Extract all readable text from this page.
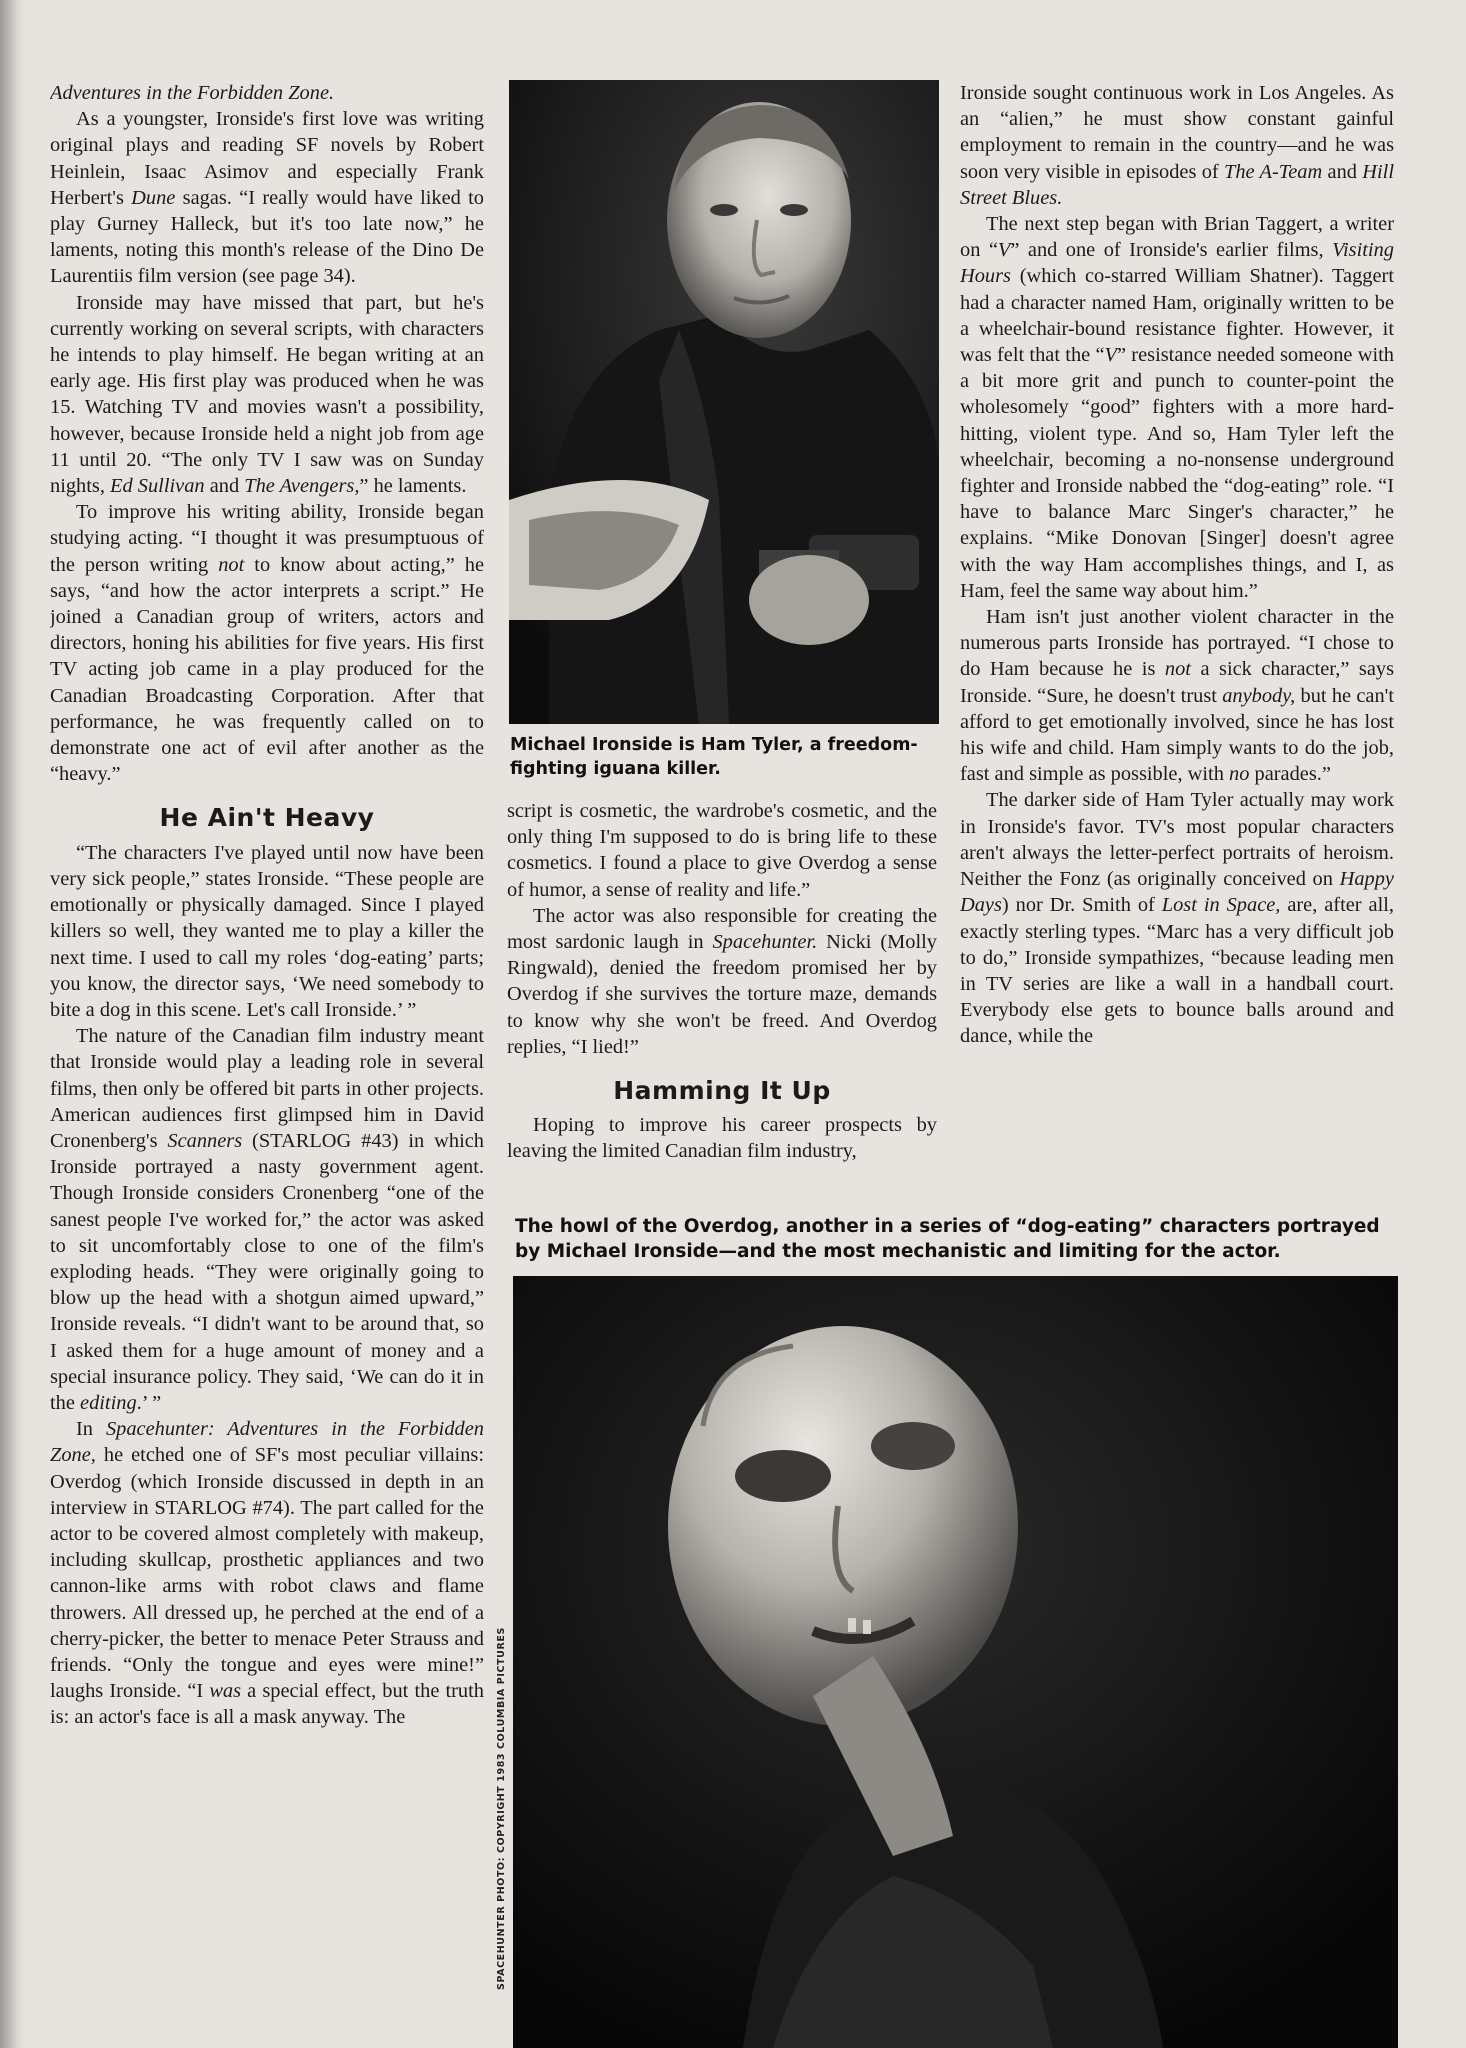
Adventures in the Forbidden Zone.

As a youngster, Ironside's first love was writing original plays and reading SF novels by Robert Heinlein, Isaac Asimov and especially Frank Herbert's Dune sagas. “I really would have liked to play Gurney Halleck, but it's too late now,” he laments, noting this month's release of the Dino De Laurentiis film version (see page 34).

Ironside may have missed that part, but he's currently working on several scripts, with characters he intends to play himself. He began writing at an early age. His first play was produced when he was 15. Watching TV and movies wasn't a possibility, however, because Ironside held a night job from age 11 until 20. “The only TV I saw was on Sunday nights, Ed Sullivan and The Avengers,” he laments.

To improve his writing ability, Ironside began studying acting. “I thought it was presumptuous of the person writing not to know about acting,” he says, “and how the actor interprets a script.” He joined a Canadian group of writers, actors and directors, honing his abilities for five years. His first TV acting job came in a play produced for the Canadian Broadcasting Corporation. After that performance, he was frequently called on to demonstrate one act of evil after another as the “heavy.”

He Ain't Heavy

“The characters I've played until now have been very sick people,” states Ironside. “These people are emotionally or physically damaged. Since I played killers so well, they wanted me to play a killer the next time. I used to call my roles ‘dog-eating’ parts; you know, the director says, ‘We need somebody to bite a dog in this scene. Let's call Ironside.’ ”

The nature of the Canadian film industry meant that Ironside would play a leading role in several films, then only be offered bit parts in other projects. American audiences first glimpsed him in David Cronenberg's Scanners (STARLOG #43) in which Ironside portrayed a nasty government agent. Though Ironside considers Cronenberg “one of the sanest people I've worked for,” the actor was asked to sit uncomfortably close to one of the film's exploding heads. “They were originally going to blow up the head with a shotgun aimed upward,” Ironside reveals. “I didn't want to be around that, so I asked them for a huge amount of money and a special insurance policy. They said, ‘We can do it in the editing.’ ”

In Spacehunter: Adventures in the Forbidden Zone, he etched one of SF's most peculiar villains: Overdog (which Ironside discussed in depth in an interview in STARLOG #74). The part called for the actor to be covered almost completely with makeup, including skullcap, prosthetic appliances and two cannon-like arms with robot claws and flame throwers. All dressed up, he perched at the end of a cherry-picker, the better to menace Peter Strauss and friends. “Only the tongue and eyes were mine!” laughs Ironside. “I was a special effect, but the truth is: an actor's face is all a mask anyway. The

Michael Ironside is Ham Tyler, a freedom-fighting iguana killer.

script is cosmetic, the wardrobe's cosmetic, and the only thing I'm supposed to do is bring life to these cosmetics. I found a place to give Overdog a sense of humor, a sense of reality and life.”

The actor was also responsible for creating the most sardonic laugh in Spacehunter. Nicki (Molly Ringwald), denied the freedom promised her by Overdog if she survives the torture maze, demands to know why she won't be freed. And Overdog replies, “I lied!”

Hamming It Up

Hoping to improve his career prospects by leaving the limited Canadian film industry,

Ironside sought continuous work in Los Angeles. As an “alien,” he must show constant gainful employment to remain in the country—and he was soon very visible in episodes of The A-Team and Hill Street Blues.

The next step began with Brian Taggert, a writer on “V” and one of Ironside's earlier films, Visiting Hours (which co-starred William Shatner). Taggert had a character named Ham, originally written to be a wheelchair-bound resistance fighter. However, it was felt that the “V” resistance needed someone with a bit more grit and punch to counter-point the wholesomely “good” fighters with a more hard-hitting, violent type. And so, Ham Tyler left the wheelchair, becoming a no-nonsense underground fighter and Ironside nabbed the “dog-eating” role. “I have to balance Marc Singer's character,” he explains. “Mike Donovan [Singer] doesn't agree with the way Ham accomplishes things, and I, as Ham, feel the same way about him.”

Ham isn't just another violent character in the numerous parts Ironside has portrayed. “I chose to do Ham because he is not a sick character,” says Ironside. “Sure, he doesn't trust anybody, but he can't afford to get emotionally involved, since he has lost his wife and child. Ham simply wants to do the job, fast and simple as possible, with no parades.”

The darker side of Ham Tyler actually may work in Ironside's favor. TV's most popular characters aren't always the letter-perfect portraits of heroism. Neither the Fonz (as originally conceived on Happy Days) nor Dr. Smith of Lost in Space, are, after all, exactly sterling types. “Marc has a very difficult job to do,” Ironside sympathizes, “because leading men in TV series are like a wall in a handball court. Everybody else gets to bounce balls around and dance, while the

The howl of the Overdog, another in a series of “dog-eating” characters portrayed by Michael Ironside—and the most mechanistic and limiting for the actor.
SPACEHUNTER PHOTO: COPYRIGHT 1983 COLUMBIA PICTURES
